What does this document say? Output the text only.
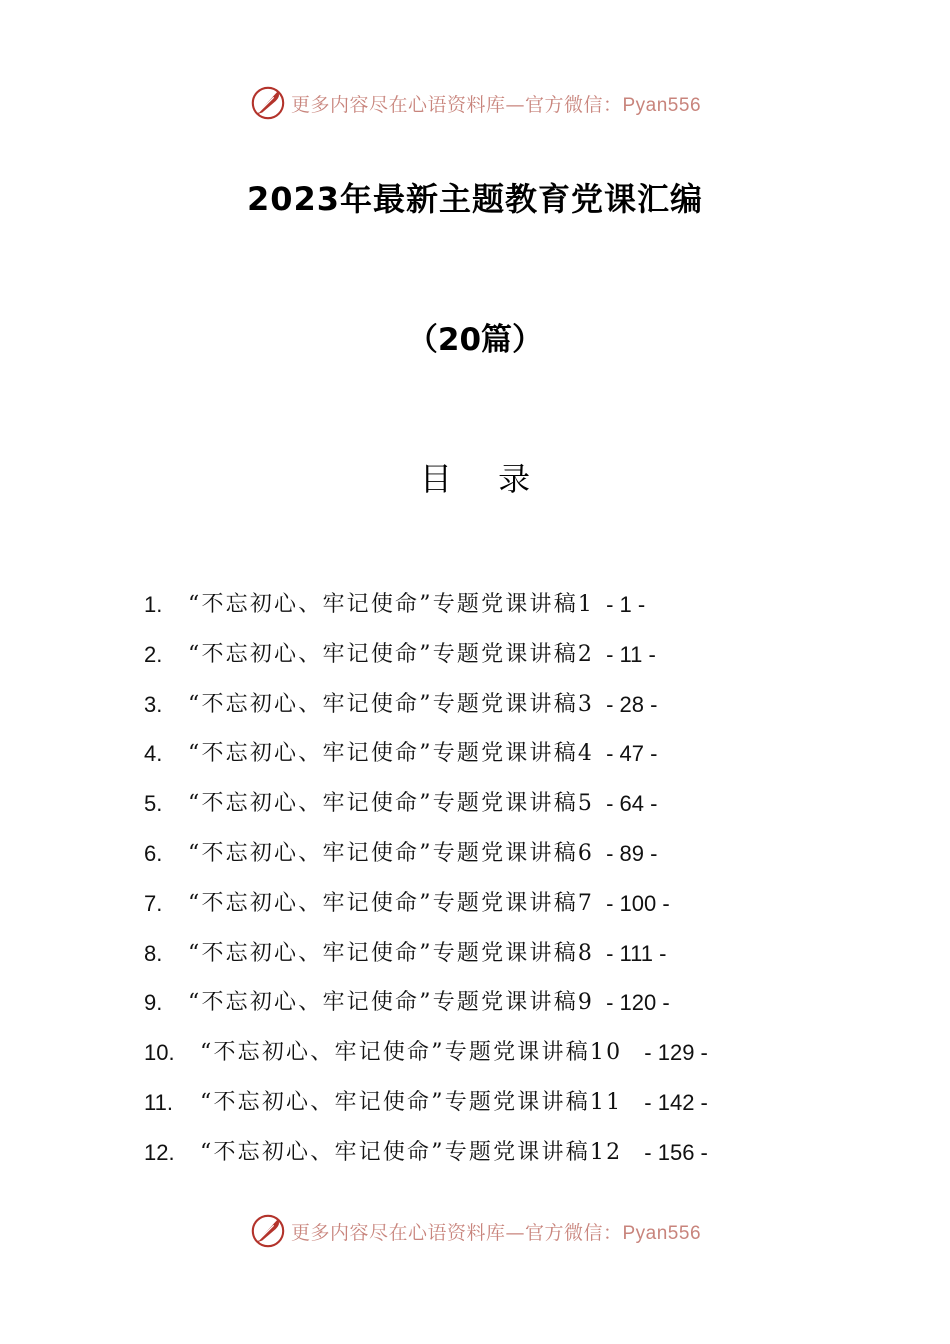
更多内容尽在心语资料库—官方微信：Pyan556
2023年最新主题教育党课汇编
（20篇）
目 录
1.	“不忘初心、牢记使命”专题党课讲稿1 - 1 -
2.	“不忘初心、牢记使命”专题党课讲稿2 - 11 -
3.	“不忘初心、牢记使命”专题党课讲稿3 - 28 -
4.	“不忘初心、牢记使命”专题党课讲稿4 - 47 -
5.	“不忘初心、牢记使命”专题党课讲稿5 - 64 -
6.	“不忘初心、牢记使命”专题党课讲稿6 - 89 -
7.	“不忘初心、牢记使命”专题党课讲稿7 - 100 -
8.	“不忘初心、牢记使命”专题党课讲稿8 - 111 -
9.	“不忘初心、牢记使命”专题党课讲稿9 - 120 -
10.	“不忘初心、牢记使命”专题党课讲稿10 - 129 -
11.	“不忘初心、牢记使命”专题党课讲稿11 - 142 -
12.	“不忘初心、牢记使命”专题党课讲稿12 - 156 -
更多内容尽在心语资料库—官方微信：Pyan556
